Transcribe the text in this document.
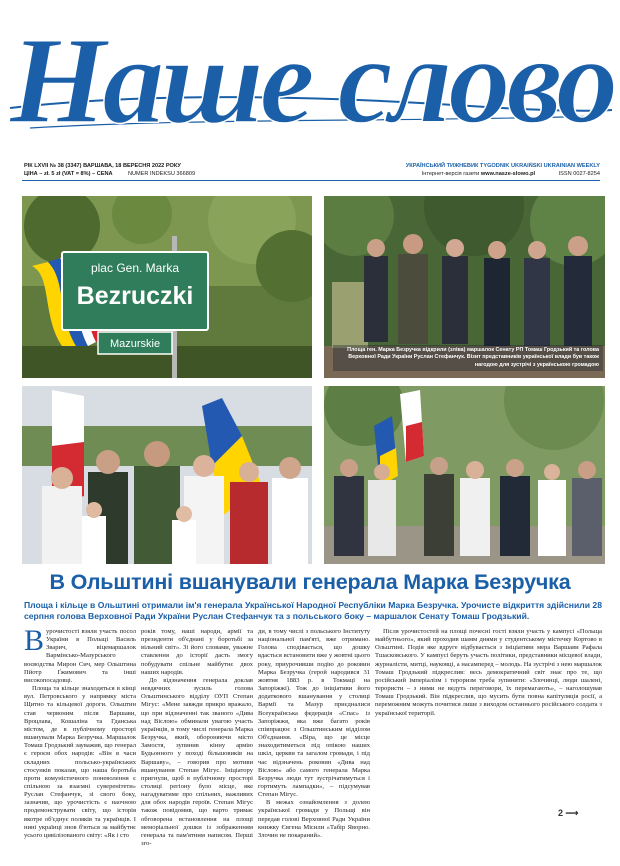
Наше слово
РІК LXVII № 38 (3347) ВАРШАВА, 18 ВЕРЕСНЯ 2022 РОКУ
ЦІНА – zł. 5 zł (VAT = 8%) – CENA	NUMER INDEKSU 366809
УКРАЇНСЬКИЙ ТИЖНЕВИК TYGODNIK UKRAIŃSKI UKRAINIAN WEEKLY
Інтернет-версія газети www.nasze-slowo.pl	ISSN 0027-8254
plac Gen. Marka
Bezruczki
Mazurskie	Площа ген. Марка Безручка відкрили (зліва) маршалок Сенату РП Томаш Гродзький та голова Верховної Ради України Руслан Стефанчук. Візит представників української влади був також нагодою для зустрічі з українською громадою
В Ольштині вшанували генерала Марка Безручка

Площа і кільце в Ольштині отримали ім'я генерала Української Народної Республіки Марка Безручка. Урочисте відкриття здійснили 28 серпня голова Верховної Ради України Руслан Стефанчук та з польського боку – маршалок Сенату Томаш Гродзький.

Вурочистості взяли участь посол України в Польщі Василь Зварич, віцемаршалок Вармінсько-Мазурського воєводства Мирон Сич, мер Ольштина Пйотр Ґжимович та інші високопосадовці.

Площа та кільце знаходяться в кінці вул. Петровського у напрямку міста Щитно та кільцевої дороги. Ольштин став червоним після Варшави, Вроцлава, Кошаліна та Гданська містом, де в публічному просторі вшанували Марка Безручка. Маршалок Томаш Гродзький зауважив, що генерал є героєм обох народів: «Він в часи складних польсько-українських стосунків показав, що наша боротьба проти комуністичного поневолення є спільною за взаємні суверенітети» Руслан Стефанчук, зі свого боку, зазначив, що урочистість є наочною продемонструвати світу, що історія вкотре об'єднує поляків та українців. І нині українці знов б'ються за майбутнє усього цивілізованого світу: «Як і сто

років тому, наші народи, армії та президенти об'єднані у боротьбі за вільний світ». Зі його словами, уважне ставлення до історії дасть змогу побудувати спільне майбутнє двох наших народів.

До відзначення генерала доклав невдячних зусиль голова Ольштинського відділу ОУП Степан Мігус: «Мене завжди прикро вражало, що при відзначенні так званого «Дива над Віслою» обминали увагою участь українців, в тому числі генерала Марка Безручка, який, обороняючи місто Замостя, зупинив кінну армію Будьонного у поході більшовиків на Варшаву», – говорив про мотиви вшанування Степан Мігус. Ініціатору пригнули, щоб в публічному просторі столиці регіону було місце, яке нагадуватиме про спільних, важливих для обох народів героїв. Степан Мігус також повідомив, що варто тримає обговорена встановлення на площі меморіальної дошки із зображенням генерала та пам'ятним написом. Перші зго-

ди, в тому числі з польського Інституту національної пам'яті, вже отримано. Голова сподівається, що дошку вдасться встановити вже у жовтні цього року, приурочивши подію до роковин Марка Безручка (герой народився 31 жовтня 1883 р. в Токмаці на Запоріжжі). Тож до ініціативи його додаткового вшанування у столиці Вармії та Мазур приєдналися Всеукраїнська федерація «Спас» із Запоріжжя, яка вже багато років співпрацює з Ольштинським відділом Об'єднання. «Віра, що це місце знаходитиметься під опікою наших шкіл, церкви та загалом громади, і під час відзначень роковин «Дива над Віслою» або самого генерала Марка Безручка люди тут зустрічатимуться і гортимуть лампадки», – підсумував Степан Мігус.

В межах ознайомлення з долею української громади у Польщі він передав голові Верховної Ради України книжку Євгена Місили «Табір Яворно. Злочин не покараний».

Після урочистостей на площі почесні гості взяли участь у кампусі «Польща майбутнього», який проходив шамм днями у студентському містечку Кортово в Ольштині. Подія яке вдруге відбувається з ініціативи мера Варшави Рафала Тшасковського. У кампусі беруть участь політики, представники місцевої влади, журналісти, митці, науковці, а насамперед – молодь. На зустрічі з нею маршалок Томаш Гродзький підкреслив: весь демократичний світ знає про те, що російський імперіалізм і тероризм треба зупинити: «Злочинці, люди шалені, терористи – з ними не ведуть переговори, їх перемагають», – наголошував Томаш Гродзький. Він підкреслив, що мусить бути повна капітуляція росії, а переможним можуть почитися лише з виходом останнього російського солдата з української території.

2 ⟶
